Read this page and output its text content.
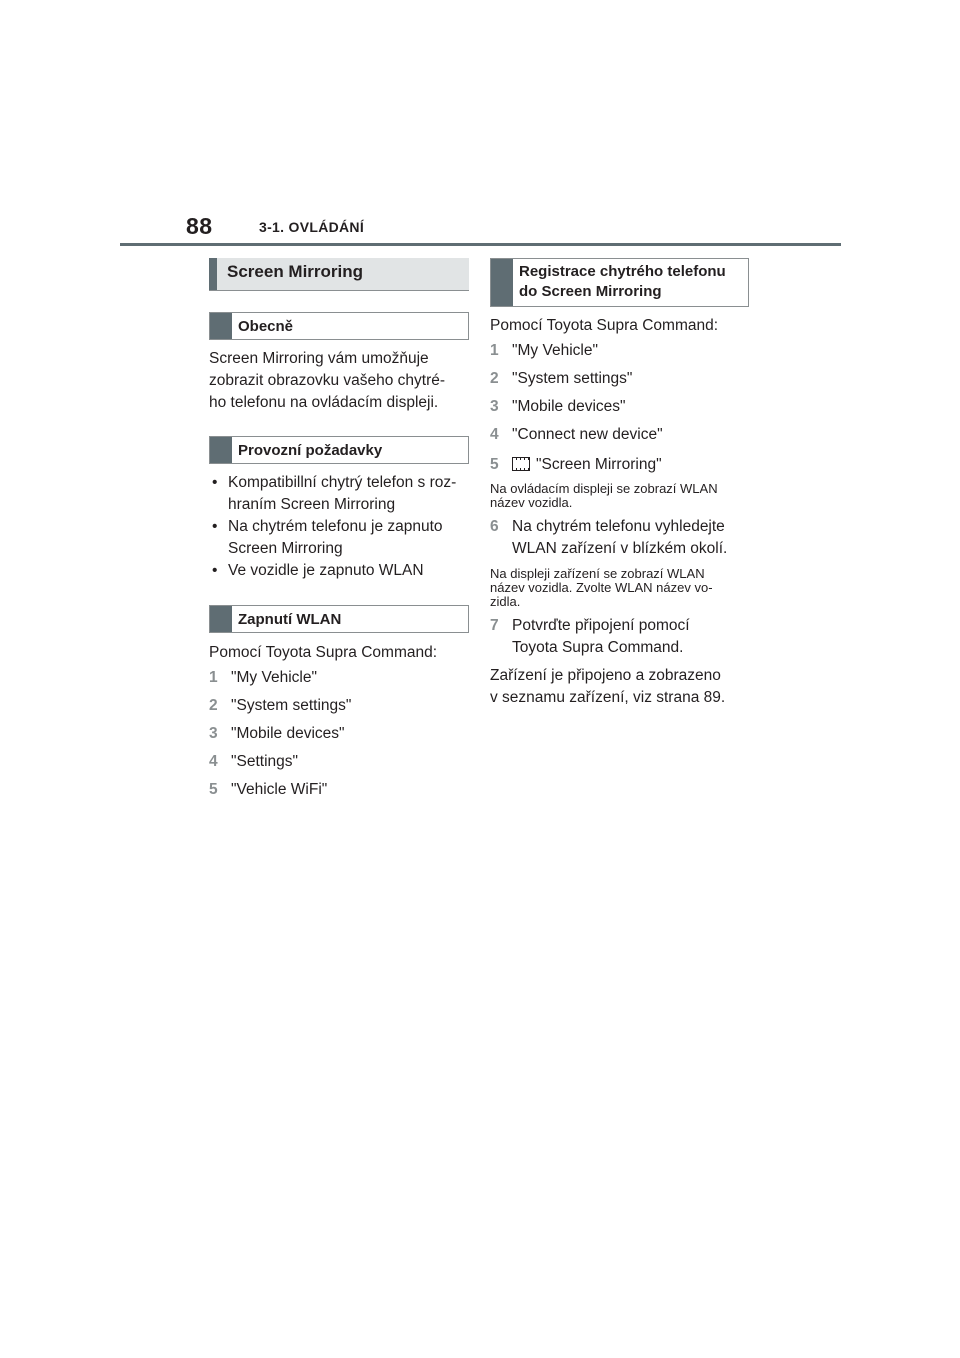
88	3-1. OVLÁDÁNÍ
Screen Mirroring
Obecně

Screen Mirroring vám umožňuje

zobrazit obrazovku vašeho chytré-

ho telefonu na ovládacím displeji.

Provozní požadavky
• Kompatibillní chytrý telefon s roz-
hraním Screen Mirroring
• Na chytrém telefonu je zapnuto
Screen Mirroring
• Ve vozidle je zapnuto WLAN
Zapnutí WLAN

Pomocí Toyota Supra Command:

1 "My Vehicle"
2 "System settings"
3 "Mobile devices"
4 "Settings"
5 "Vehicle WiFi"
Registrace chytrého telefonu
do Screen Mirroring

Pomocí Toyota Supra Command:

1 "My Vehicle"
2 "System settings"
3 "Mobile devices"
4 "Connect new device"
5	"Screen Mirroring"

Na ovládacím displeji se zobrazí WLAN

název vozidla.

6 Na chytrém telefonu vyhledejte
WLAN zařízení v blízkém okolí.

Na displeji zařízení se zobrazí WLAN

název vozidla. Zvolte WLAN název vo-

zidla.

7 Potvrďte připojení pomocí
Toyota Supra Command.

Zařízení je připojeno a zobrazeno

v seznamu zařízení, viz strana 89.
